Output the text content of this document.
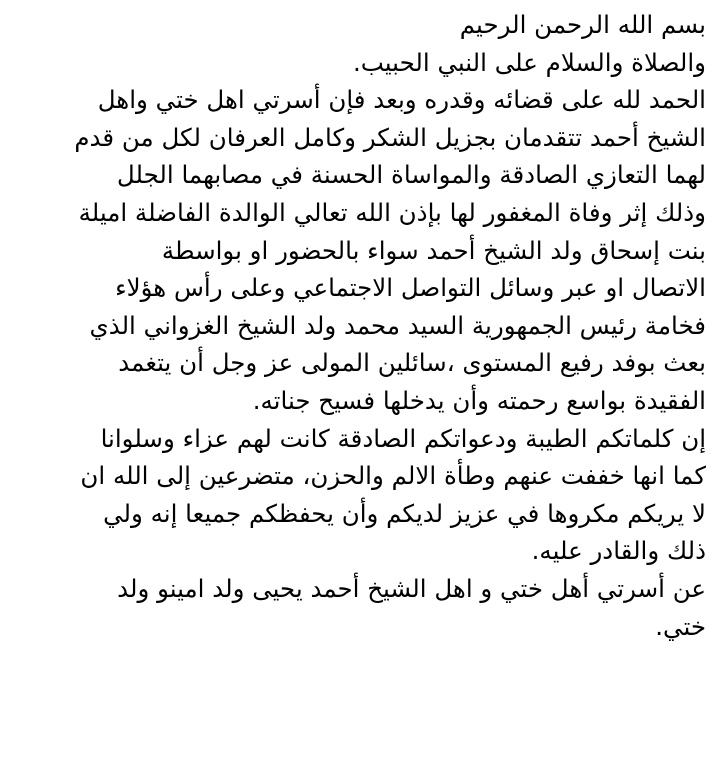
بسم الله الرحمن الرحيم
والصلاة والسلام على النبي الحبيب.
الحمد لله على قضائه وقدره وبعد فإن أسرتي اهل ختي واهل
الشيخ أحمد تتقدمان بجزيل الشكر وكامل العرفان لكل من قدم
لهما التعازي الصادقة والمواساة الحسنة في مصابهما الجلل
وذلك إثر وفاة المغفور لها بإذن الله تعالي الوالدة الفاضلة اميلة
بنت إسحاق ولد الشيخ أحمد سواء بالحضور او بواسطة
الاتصال او عبر وسائل التواصل الاجتماعي وعلى رأس هؤلاء
فخامة رئيس الجمهورية السيد محمد ولد الشيخ الغزواني الذي
بعث بوفد رفيع المستوى ،سائلين المولى عز وجل أن يتغمد
الفقيدة بواسع رحمته وأن يدخلها فسيح جناته.
إن كلماتكم الطيبة ودعواتكم الصادقة كانت لهم عزاء وسلوانا
كما انها خففت عنهم وطأة الالم والحزن، متضرعين إلى الله ان
لا يريكم مكروها في عزيز لديكم وأن يحفظكم جميعا إنه ولي
ذلك والقادر عليه.
عن أسرتي أهل ختي و اهل الشيخ أحمد يحيى ولد امينو ولد
ختي.
